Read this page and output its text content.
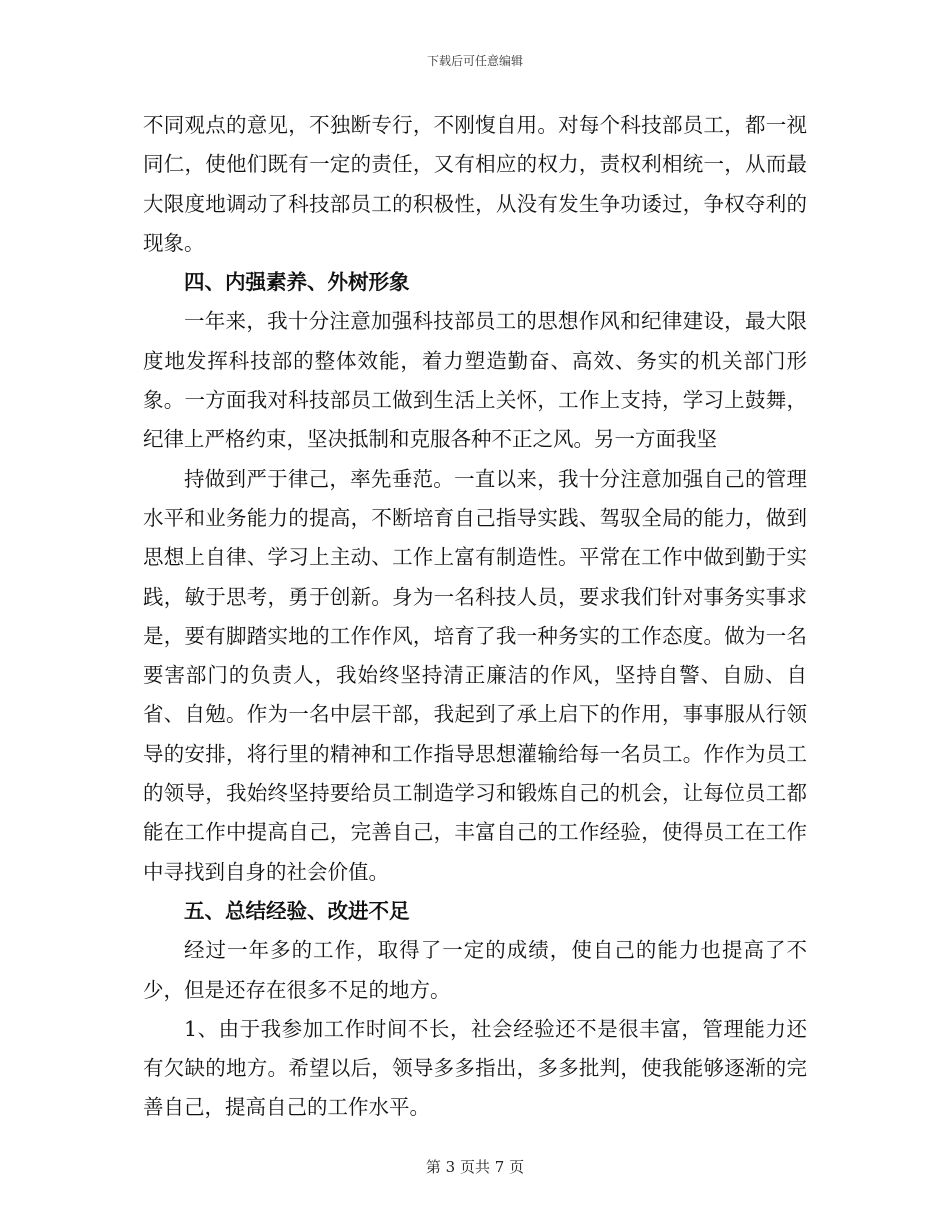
下载后可任意编辑

不同观点的意见，不独断专行，不刚愎自用。对每个科技部员工，都一视同仁，使他们既有一定的责任，又有相应的权力，责权利相统一，从而最大限度地调动了科技部员工的积极性，从没有发生争功诿过，争权夺利的现象。

四、内强素养、外树形象

一年来，我十分注意加强科技部员工的思想作风和纪律建设，最大限度地发挥科技部的整体效能，着力塑造勤奋、高效、务实的机关部门形象。一方面我对科技部员工做到生活上关怀，工作上支持，学习上鼓舞，纪律上严格约束，坚决抵制和克服各种不正之风。另一方面我坚

持做到严于律己，率先垂范。一直以来，我十分注意加强自己的管理水平和业务能力的提高，不断培育自己指导实践、驾驭全局的能力，做到思想上自律、学习上主动、工作上富有制造性。平常在工作中做到勤于实践，敏于思考，勇于创新。身为一名科技人员，要求我们针对事务实事求是，要有脚踏实地的工作作风，培育了我一种务实的工作态度。做为一名要害部门的负责人，我始终坚持清正廉洁的作风，坚持自警、自励、自省、自勉。作为一名中层干部，我起到了承上启下的作用，事事服从行领导的安排，将行里的精神和工作指导思想灌输给每一名员工。作作为员工的领导，我始终坚持要给员工制造学习和锻炼自己的机会，让每位员工都能在工作中提高自己，完善自己，丰富自己的工作经验，使得员工在工作中寻找到自身的社会价值。

五、总结经验、改进不足

经过一年多的工作，取得了一定的成绩，使自己的能力也提高了不少，但是还存在很多不足的地方。

1、由于我参加工作时间不长，社会经验还不是很丰富，管理能力还有欠缺的地方。希望以后，领导多多指出，多多批判，使我能够逐渐的完善自己，提高自己的工作水平。

第 3 页共 7 页
